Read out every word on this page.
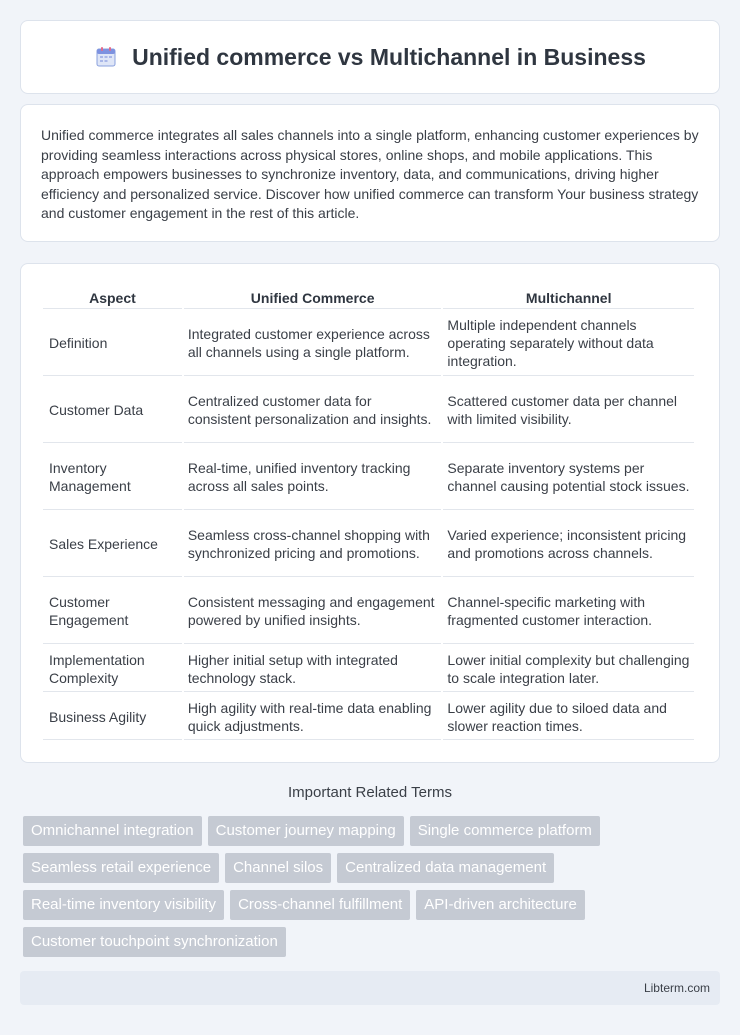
Unified commerce vs Multichannel in Business

Unified commerce integrates all sales channels into a single platform, enhancing customer experiences by providing seamless interactions across physical stores, online shops, and mobile applications. This approach empowers businesses to synchronize inventory, data, and communications, driving higher efficiency and personalized service. Discover how unified commerce can transform Your business strategy and customer engagement in the rest of this article.

Aspect	Unified Commerce	Multichannel
Definition	Integrated customer experience across all channels using a single platform.	Multiple independent channels operating separately without data integration.
Customer Data	Centralized customer data for consistent personalization and insights.	Scattered customer data per channel with limited visibility.
Inventory Management	Real-time, unified inventory tracking across all sales points.	Separate inventory systems per channel causing potential stock issues.
Sales Experience	Seamless cross-channel shopping with synchronized pricing and promotions.	Varied experience; inconsistent pricing and promotions across channels.
Customer Engagement	Consistent messaging and engagement powered by unified insights.	Channel-specific marketing with fragmented customer interaction.
Implementation Complexity	Higher initial setup with integrated technology stack.	Lower initial complexity but challenging to scale integration later.
Business Agility	High agility with real-time data enabling quick adjustments.	Lower agility due to siloed data and slower reaction times.
Important Related Terms
Omnichannel integration	Customer journey mapping	Single commerce platform
Seamless retail experience	Channel silos	Centralized data management
Real-time inventory visibility	Cross-channel fulfillment	API-driven architecture
Customer touchpoint synchronization
Libterm.com
